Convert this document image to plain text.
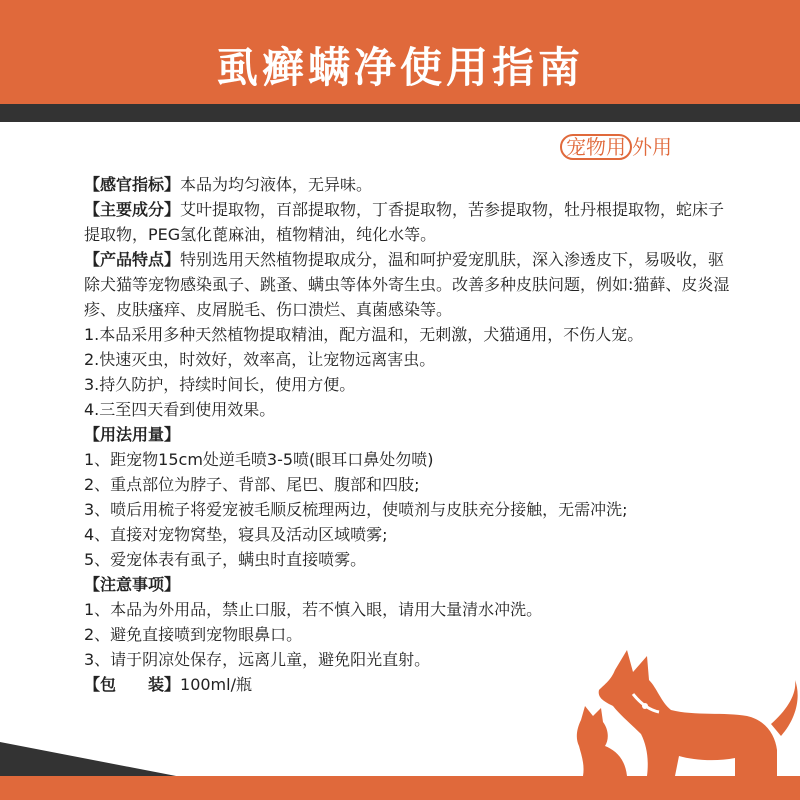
虱癣螨净使用指南
宠物用 外用

【感官指标】本品为均匀液体，无异味。

【主要成分】艾叶提取物，百部提取物，丁香提取物，苦参提取物，牡丹根提取物，蛇床子提取物，PEG氢化蓖麻油，植物精油，纯化水等。

【产品特点】特别选用天然植物提取成分，温和呵护爱宠肌肤，深入渗透皮下，易吸收，驱除犬猫等宠物感染虱子、跳蚤、螨虫等体外寄生虫。改善多种皮肤问题，例如:猫藓、皮炎湿疹、皮肤瘙痒、皮屑脱毛、伤口溃烂、真菌感染等。

1.本品采用多种天然植物提取精油，配方温和，无刺激，犬猫通用，不伤人宠。

2.快速灭虫，时效好，效率高，让宠物远离害虫。

3.持久防护，持续时间长，使用方便。

4.三至四天看到使用效果。

【用法用量】

1、距宠物15cm处逆毛喷3-5喷(眼耳口鼻处勿喷)

2、重点部位为脖子、背部、尾巴、腹部和四肢;

3、喷后用梳子将爱宠被毛顺反梳理两边，使喷剂与皮肤充分接触，无需冲洗;

4、直接对宠物窝垫，寝具及活动区域喷雾;

5、爱宠体表有虱子，螨虫时直接喷雾。

【注意事项】

1、本品为外用品，禁止口服，若不慎入眼，请用大量清水冲洗。

2、避免直接喷到宠物眼鼻口。

3、请于阴凉处保存，远离儿童，避免阳光直射。

【包　　装】100ml/瓶
